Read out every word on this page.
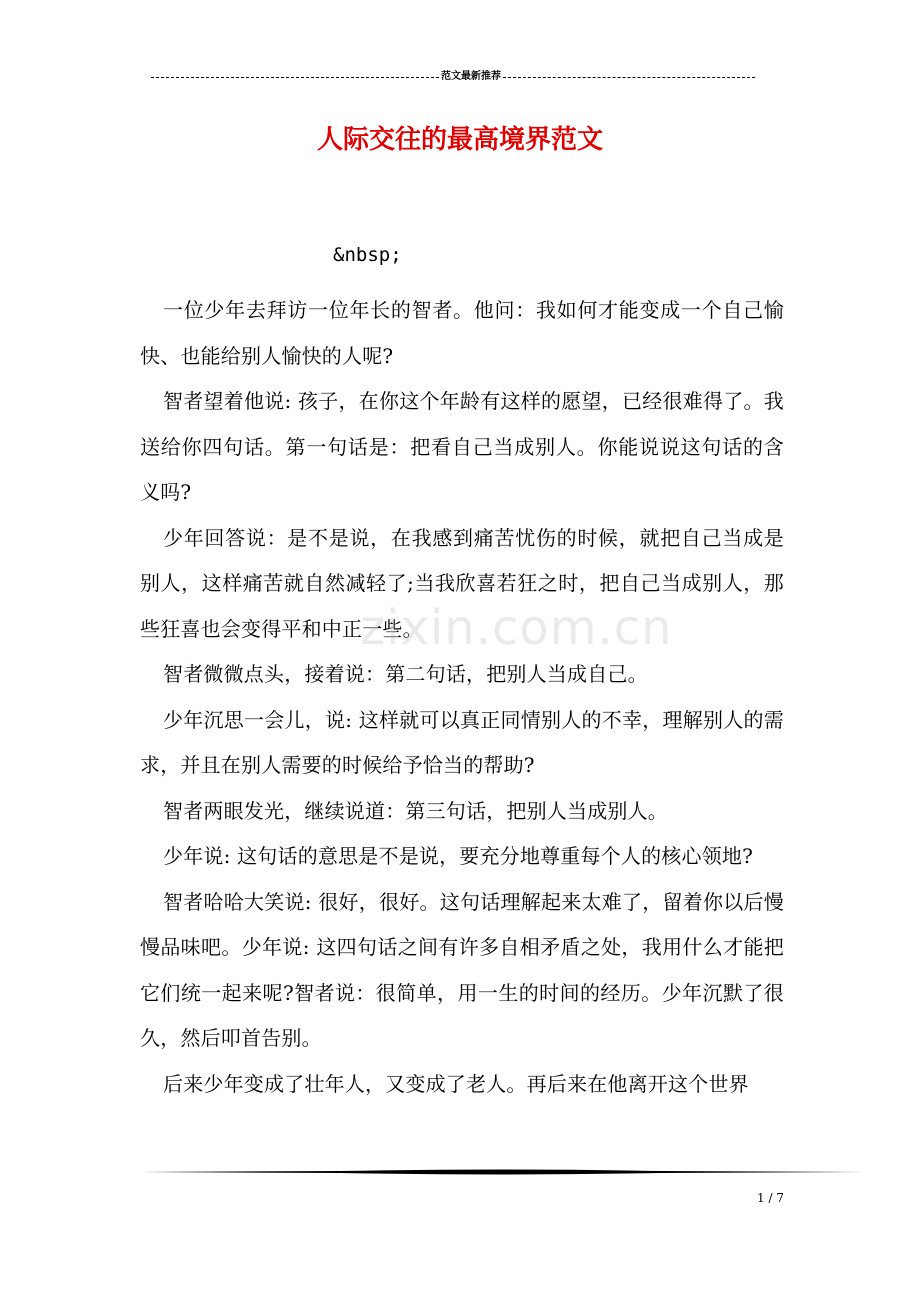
范文最新推荐
人际交往的最高境界范文
&nbsp;

一位少年去拜访一位年长的智者。他问：我如何才能变成一个自己愉快、也能给别人愉快的人呢?

智者望着他说: 孩子，在你这个年龄有这样的愿望，已经很难得了。我送给你四句话。第一句话是：把看自己当成别人。你能说说这句话的含义吗?

少年回答说：是不是说，在我感到痛苦忧伤的时候，就把自己当成是别人，这样痛苦就自然减轻了;当我欣喜若狂之时，把自己当成别人，那些狂喜也会变得平和中正一些。

智者微微点头，接着说：第二句话，把别人当成自己。

少年沉思一会儿，说: 这样就可以真正同情别人的不幸，理解别人的需求，并且在别人需要的时候给予恰当的帮助?

智者两眼发光，继续说道：第三句话，把别人当成别人。

少年说: 这句话的意思是不是说，要充分地尊重每个人的核心领地?

智者哈哈大笑说: 很好，很好。这句话理解起来太难了，留着你以后慢慢品味吧。少年说: 这四句话之间有许多自相矛盾之处，我用什么才能把它们统一起来呢?智者说：很简单，用一生的时间的经历。少年沉默了很久，然后叩首告别。

后来少年变成了壮年人，又变成了老人。再后来在他离开这个世界

zixin.com.cn
1 / 7
